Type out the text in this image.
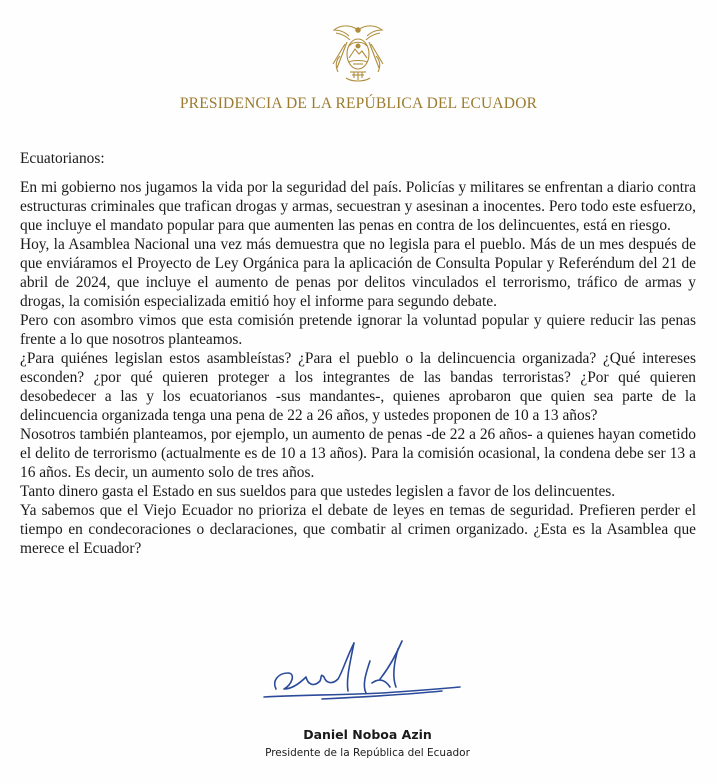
PRESIDENCIA DE LA REPÚBLICA DEL ECUADOR

Ecuatorianos:

En mi gobierno nos jugamos la vida por la seguridad del país. Policías y militares se enfrentan a diario contra estructuras criminales que trafican drogas y armas, secuestran y asesinan a inocentes. Pero todo este esfuerzo, que incluye el mandato popular para que aumenten las penas en contra de los delincuentes, está en riesgo.

Hoy, la Asamblea Nacional una vez más demuestra que no legisla para el pueblo. Más de un mes después de que enviáramos el Proyecto de Ley Orgánica para la aplicación de Consulta Popular y Referéndum del 21 de abril de 2024, que incluye el aumento de penas por delitos vinculados el terrorismo, tráfico de armas y drogas, la comisión especializada emitió hoy el informe para segundo debate.

Pero con asombro vimos que esta comisión pretende ignorar la voluntad popular y quiere reducir las penas frente a lo que nosotros planteamos.

¿Para quiénes legislan estos asambleístas? ¿Para el pueblo o la delincuencia organizada? ¿Qué intereses esconden? ¿por qué quieren proteger a los integrantes de las bandas terroristas? ¿Por qué quieren desobedecer a las y los ecuatorianos -sus mandantes-, quienes aprobaron que quien sea parte de la delincuencia organizada tenga una pena de 22 a 26 años, y ustedes proponen de 10 a 13 años?

Nosotros también planteamos, por ejemplo, un aumento de penas -de 22 a 26 años- a quienes hayan cometido el delito de terrorismo (actualmente es de 10 a 13 años). Para la comisión ocasional, la condena debe ser 13 a 16 años. Es decir, un aumento solo de tres años.

Tanto dinero gasta el Estado en sus sueldos para que ustedes legislen a favor de los delincuentes.

Ya sabemos que el Viejo Ecuador no prioriza el debate de leyes en temas de seguridad. Prefieren perder el tiempo en condecoraciones o declaraciones, que combatir al crimen organizado. ¿Esta es la Asamblea que merece el Ecuador?

Daniel Noboa Azin
Presidente de la República del Ecuador
